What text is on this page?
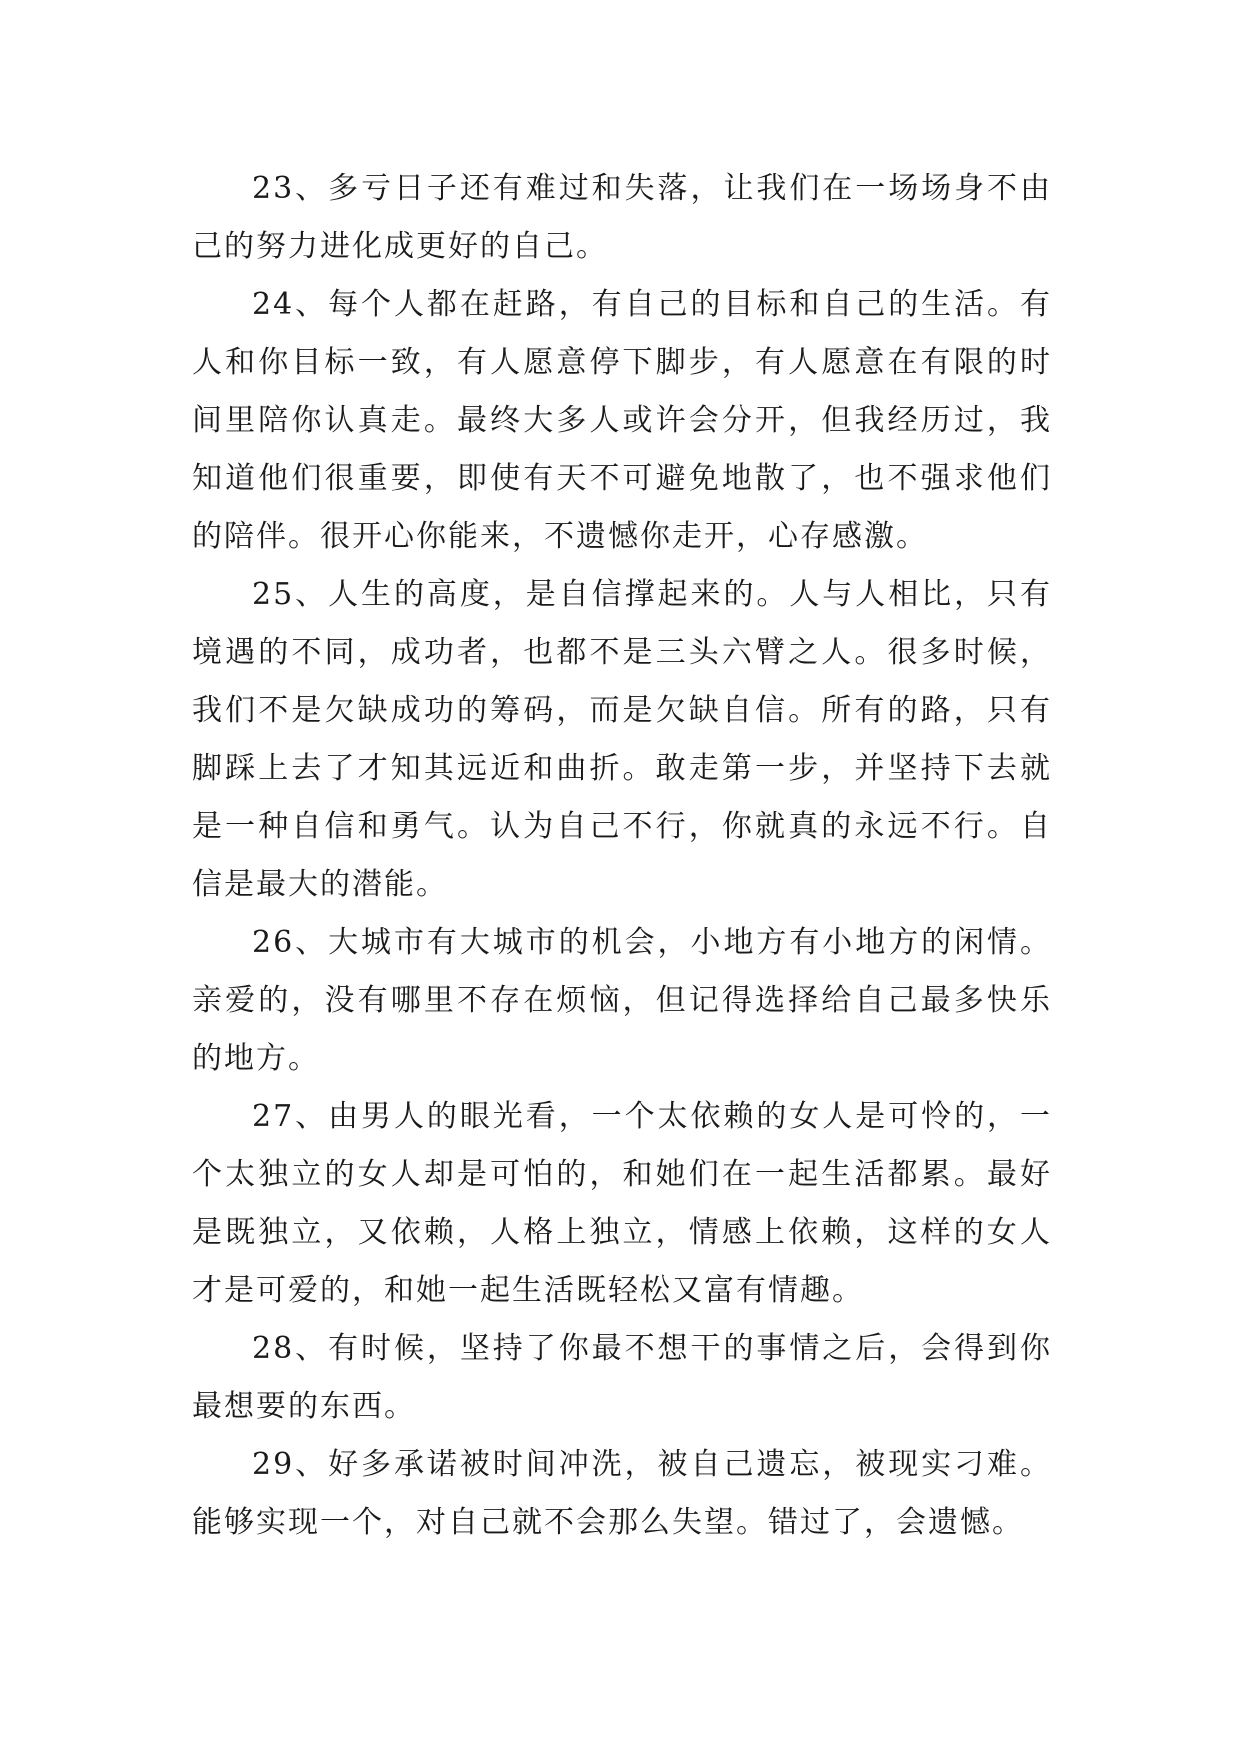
23、多亏日子还有难过和失落，让我们在一场场身不由己的努力进化成更好的自己。

24、每个人都在赶路，有自己的目标和自己的生活。有人和你目标一致，有人愿意停下脚步，有人愿意在有限的时间里陪你认真走。最终大多人或许会分开，但我经历过，我知道他们很重要，即使有天不可避免地散了，也不强求他们的陪伴。很开心你能来，不遗憾你走开，心存感激。

25、人生的高度，是自信撑起来的。人与人相比，只有境遇的不同，成功者，也都不是三头六臂之人。很多时候，我们不是欠缺成功的筹码，而是欠缺自信。所有的路，只有脚踩上去了才知其远近和曲折。敢走第一步，并坚持下去就是一种自信和勇气。认为自己不行，你就真的永远不行。自信是最大的潜能。

26、大城市有大城市的机会，小地方有小地方的闲情。亲爱的，没有哪里不存在烦恼，但记得选择给自己最多快乐的地方。

27、由男人的眼光看，一个太依赖的女人是可怜的，一个太独立的女人却是可怕的，和她们在一起生活都累。最好是既独立，又依赖，人格上独立，情感上依赖，这样的女人才是可爱的，和她一起生活既轻松又富有情趣。

28、有时候，坚持了你最不想干的事情之后，会得到你最想要的东西。

29、好多承诺被时间冲洗，被自己遗忘，被现实刁难。能够实现一个，对自己就不会那么失望。错过了，会遗憾。
